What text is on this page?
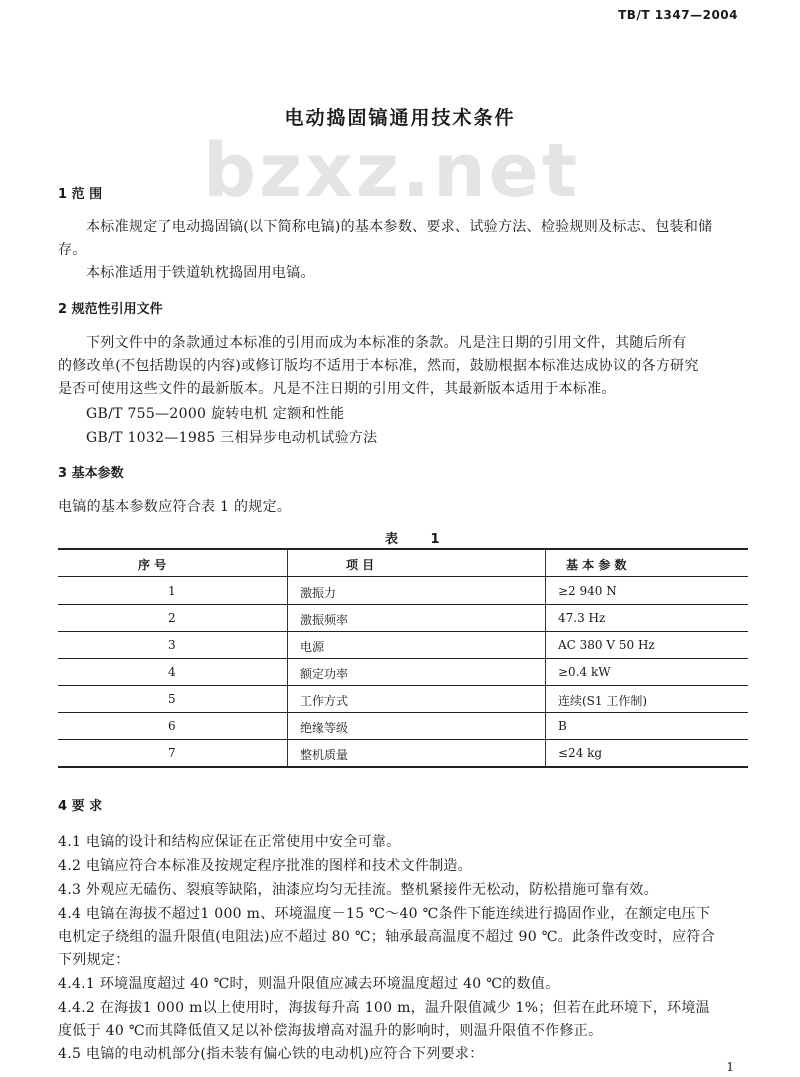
TB/T 1347—2004
bzxz.net
电动捣固镐通用技术条件
1 范 围
本标准规定了电动捣固镐(以下简称电镐)的基本参数、要求、试验方法、检验规则及标志、包装和储
存。
本标准适用于铁道轨枕捣固用电镐。
2 规范性引用文件
下列文件中的条款通过本标准的引用而成为本标准的条款。凡是注日期的引用文件，其随后所有
的修改单(不包括勘误的内容)或修订版均不适用于本标准，然而，鼓励根据本标准达成协议的各方研究
是否可使用这些文件的最新版本。凡是不注日期的引用文件，其最新版本适用于本标准。
GB/T 755—2000 旋转电机 定额和性能
GB/T 1032—1985 三相异步电动机试验方法
3 基本参数
电镐的基本参数应符合表 1 的规定。
表 1
序 号	项 目	基 本 参 数
1	激振力	≥2 940 N
2	激振频率	47.3 Hz
3	电源	AC 380 V 50 Hz
4	额定功率	≥0.4 kW
5	工作方式	连续(S1 工作制)
6	绝缘等级	B
7	整机质量	≤24 kg
4 要 求
4.1 电镐的设计和结构应保证在正常使用中安全可靠。
4.2 电镐应符合本标准及按规定程序批准的图样和技术文件制造。
4.3 外观应无磕伤、裂痕等缺陷，油漆应均匀无挂流。整机紧接件无松动，防松措施可靠有效。
4.4 电镐在海拔不超过1 000 m、环境温度－15 ℃～40 ℃条件下能连续进行捣固作业，在额定电压下
电机定子绕组的温升限值(电阻法)应不超过 80 ℃；轴承最高温度不超过 90 ℃。此条件改变时，应符合
下列规定：
4.4.1 环境温度超过 40 ℃时，则温升限值应减去环境温度超过 40 ℃的数值。
4.4.2 在海拔1 000 m以上使用时，海拔每升高 100 m，温升限值减少 1%；但若在此环境下，环境温
度低于 40 ℃而其降低值又足以补偿海拔增高对温升的影响时，则温升限值不作修正。
4.5 电镐的电动机部分(指未装有偏心铁的电动机)应符合下列要求：
1
